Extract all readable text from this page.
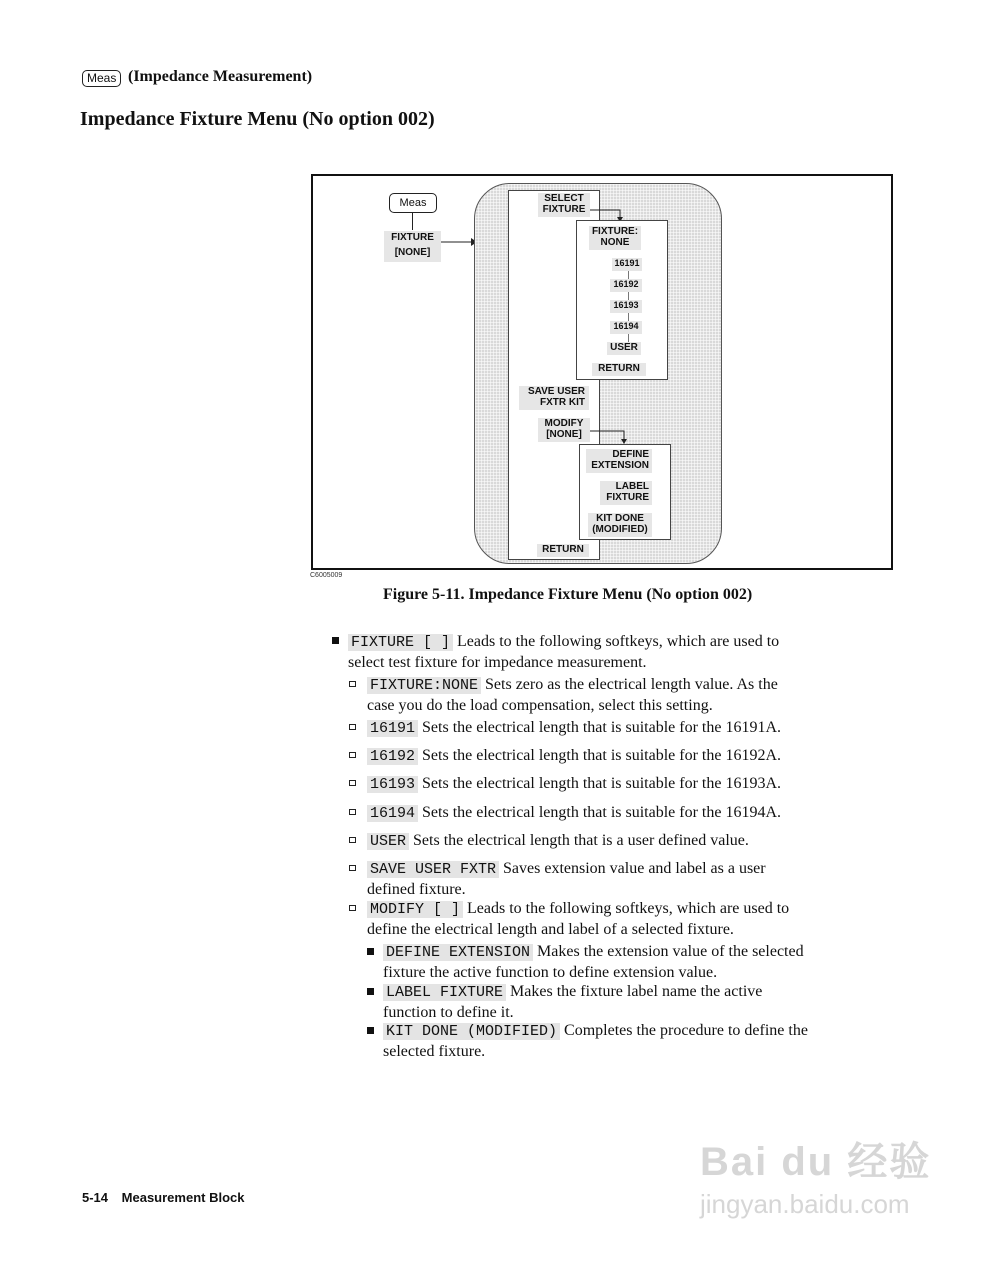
Meas (Impedance Measurement)
Impedance Fixture Menu (No option 002)
Meas
FIXTURE
[NONE]
SELECT
FIXTURE
FIXTURE:
NONE
16191
16192
16193
16194
USER
RETURN
SAVE USER
FXTR KIT
MODIFY
[NONE]
DEFINE
EXTENSION
LABEL
FIXTURE
KIT DONE
(MODIFIED)
RETURN
C6005009
Figure 5-11. Impedance Fixture Menu (No option 002)
FIXTURE [ ] Leads to the following softkeys, which are used to
select test fixture for impedance measurement.
FIXTURE:NONE Sets zero as the electrical length value. As the
case you do the load compensation, select this setting.
16191 Sets the electrical length that is suitable for the 16191A.
16192 Sets the electrical length that is suitable for the 16192A.
16193 Sets the electrical length that is suitable for the 16193A.
16194 Sets the electrical length that is suitable for the 16194A.
USER Sets the electrical length that is a user defined value.
SAVE USER FXTR Saves extension value and label as a user
defined fixture.
MODIFY [ ] Leads to the following softkeys, which are used to
define the electrical length and label of a selected fixture.
DEFINE EXTENSION Makes the extension value of the selected
fixture the active function to define extension value.
LABEL FIXTURE Makes the fixture label name the active
function to define it.
KIT DONE (MODIFIED) Completes the procedure to define the
selected fixture.
5-14 Measurement Block
Bai du 经验
jingyan.baidu.com
